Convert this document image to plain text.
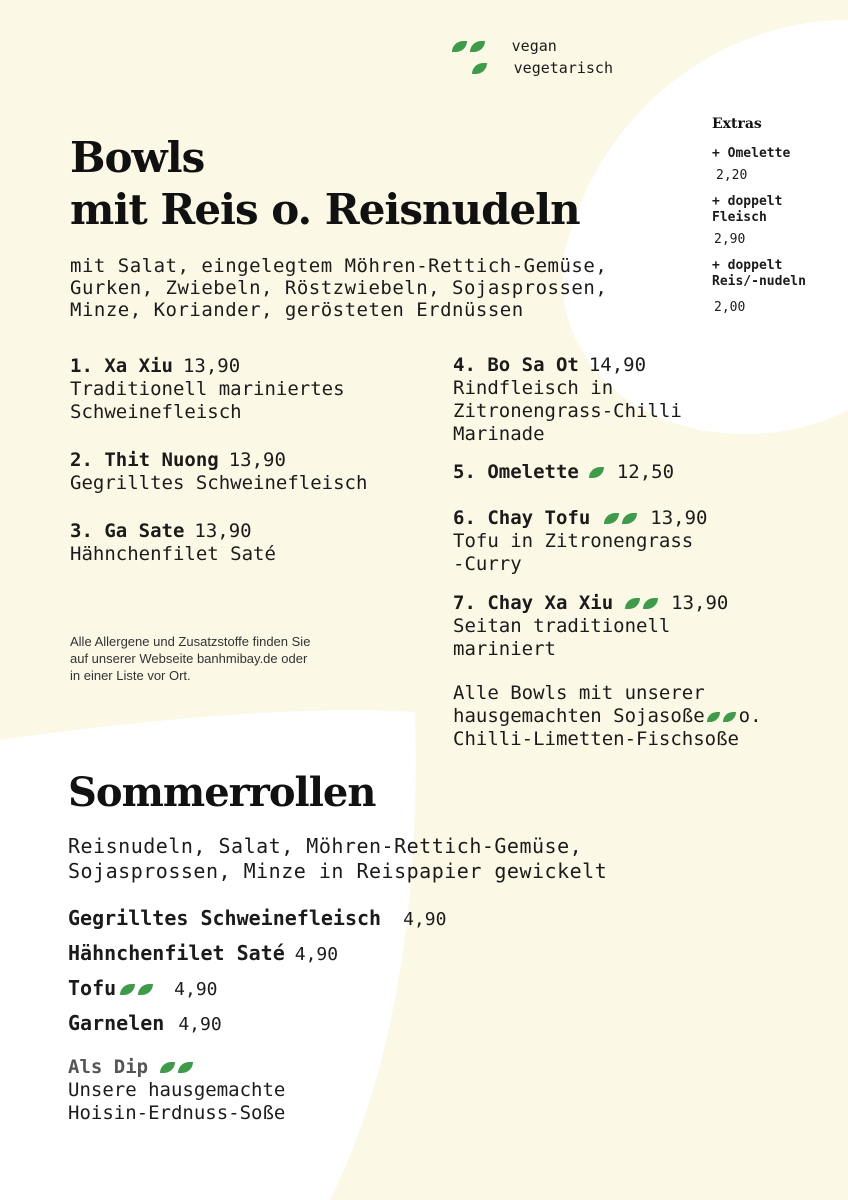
vegan
vegetarisch
Extras
+ Omelette
2,20
+ doppelt
Fleisch
2,90
+ doppelt
Reis/-nudeln
2,00
Bowls
mit Reis o. Reisnudeln
mit Salat, eingelegtem Möhren-Rettich-Gemüse,
Gurken, Zwiebeln, Röstzwiebeln, Sojasprossen,
Minze, Koriander, gerösteten Erdnüssen
1. Xa Xiu 13,90
Traditionell mariniertes
Schweinefleisch
2. Thit Nuong 13,90
Gegrilltes Schweinefleisch
3. Ga Sate 13,90
Hähnchenfilet Saté
Alle Allergene und Zusatzstoffe finden Sie
auf unserer Webseite banhmibay.de oder
in einer Liste vor Ort.
4. Bo Sa Ot 14,90
Rindfleisch in
Zitronengrass-Chilli
Marinade
5. Omelette 12,50
6. Chay Tofu	13,90
Tofu in Zitronengrass
-Curry
7. Chay Xa Xiu	13,90
Seitan traditionell
mariniert
Alle Bowls mit unserer
hausgemachten Sojasoße o.
Chilli-Limetten-Fischsoße
Sommerrollen
Reisnudeln, Salat, Möhren-Rettich-Gemüse,
Sojasprossen, Minze in Reispapier gewickelt
Gegrilltes Schweinefleisch 4,90
Hähnchenfilet Saté 4,90
Tofu	4,90
Garnelen 4,90
Als Dip
Unsere hausgemachte
Hoisin-Erdnuss-Soße
